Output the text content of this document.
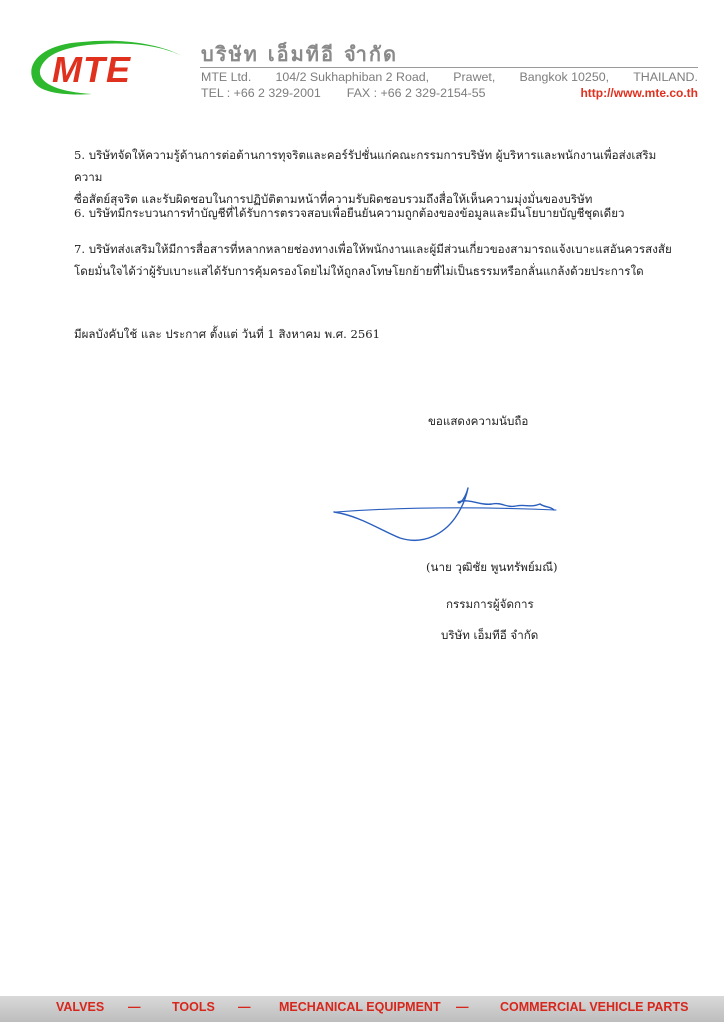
MTE	บริษัท เอ็มทีอี จำกัด
MTE Ltd. 104/2 Sukhaphiban 2 Road, Prawet, Bangkok 10250, THAILAND.
TEL : +66 2 329-2001 FAX : +66 2 329-2154-55	http://www.mte.co.th
5. บริษัทจัดให้ความรู้ด้านการต่อต้านการทุจริตและคอร์รัปชั่นแก่คณะกรรมการบริษัท ผู้บริหารและพนักงานเพื่อส่งเสริม ความ
ซื่อสัตย์สุจริต และรับผิดชอบในการปฏิบัติตามหน้าที่ความรับผิดชอบรวมถึงสื่อให้เห็นความมุ่งมั่นของบริษัท
6. บริษัทมีกระบวนการทำบัญชีที่ได้รับการตรวจสอบเพื่อยืนยันความถูกต้องของข้อมูลและมีนโยบายบัญชีชุดเดียว
7. บริษัทส่งเสริมให้มีการสื่อสารที่หลากหลายช่องทางเพื่อให้พนักงานและผู้มีส่วนเกี่ยวของสามารถแจ้งเบาะแสอันควรสงสัย
โดยมั่นใจได้ว่าผู้รับเบาะแสได้รับการคุ้มครองโดยไม่ให้ถูกลงโทษโยกย้ายที่ไม่เป็นธรรมหรือกลั่นแกล้งด้วยประการใด
มีผลบังคับใช้ และ ประกาศ ตั้งแต่ วันที่ 1 สิงหาคม พ.ศ. 2561
ขอแสดงความนับถือ
(นาย วุฒิชัย พูนทรัพย์มณี)
กรรมการผู้จัดการ
บริษัท เอ็มทีอี จำกัด
VALVES —	TOOLS — MECHANICAL EQUIPMENT —	COMMERCIAL VEHICLE PARTS
